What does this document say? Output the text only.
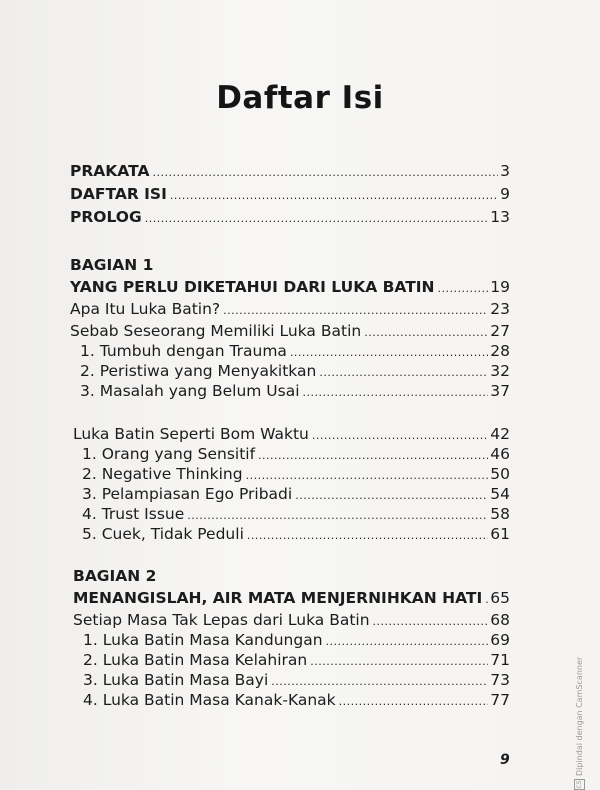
Daftar Isi
PRAKATA .....	3
DAFTAR ISI .....	9
PROLOG .....	13
BAGIAN 1
YANG PERLU DIKETAHUI DARI LUKA BATIN .....	19
Apa Itu Luka Batin? .....	23
Sebab Seseorang Memiliki Luka Batin .....	27
1. Tumbuh dengan Trauma .....	28
2. Peristiwa yang Menyakitkan .....	32
3. Masalah yang Belum Usai .....	37
Luka Batin Seperti Bom Waktu .....	42
1. Orang yang Sensitif .....	46
2. Negative Thinking .....	50
3. Pelampiasan Ego Pribadi .....	54
4. Trust Issue .....	58
5. Cuek, Tidak Peduli .....	61
BAGIAN 2
MENANGISLAH, AIR MATA MENJERNIHKAN HATI ..... 65
Setiap Masa Tak Lepas dari Luka Batin .....	68
1. Luka Batin Masa Kandungan .....	69
2. Luka Batin Masa Kelahiran .....	71
3. Luka Batin Masa Bayi .....	73
4. Luka Batin Masa Kanak-Kanak .....	77
9
CSDipindai dengan CamScanner
